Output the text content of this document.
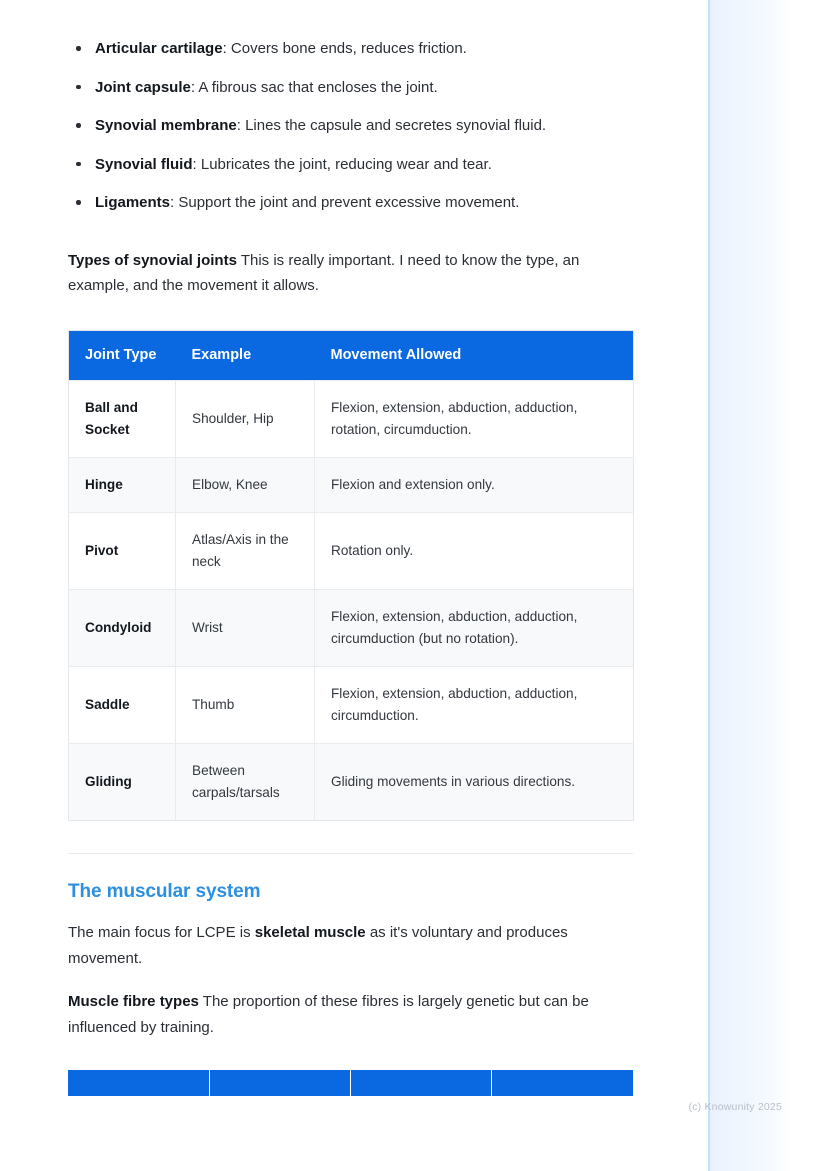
(c) Knowunity 2025
Articular cartilage: Covers bone ends, reduces friction.
Joint capsule: A fibrous sac that encloses the joint.
Synovial membrane: Lines the capsule and secretes synovial fluid.
Synovial fluid: Lubricates the joint, reducing wear and tear.
Ligaments: Support the joint and prevent excessive movement.

Types of synovial joints This is really important. I need to know the type, an example, and the movement it allows.

Joint Type	Example	Movement Allowed
Ball and Socket	Shoulder, Hip	Flexion, extension, abduction, adduction, rotation, circumduction.
Hinge	Elbow, Knee	Flexion and extension only.
Pivot	Atlas/Axis in the neck	Rotation only.
Condyloid	Wrist	Flexion, extension, abduction, adduction, circumduction (but no rotation).
Saddle	Thumb	Flexion, extension, abduction, adduction, circumduction.
Gliding	Between carpals/tarsals	Gliding movements in various directions.
The muscular system

The main focus for LCPE is skeletal muscle as it's voluntary and produces movement.

Muscle fibre types The proportion of these fibres is largely genetic but can be influenced by training.
